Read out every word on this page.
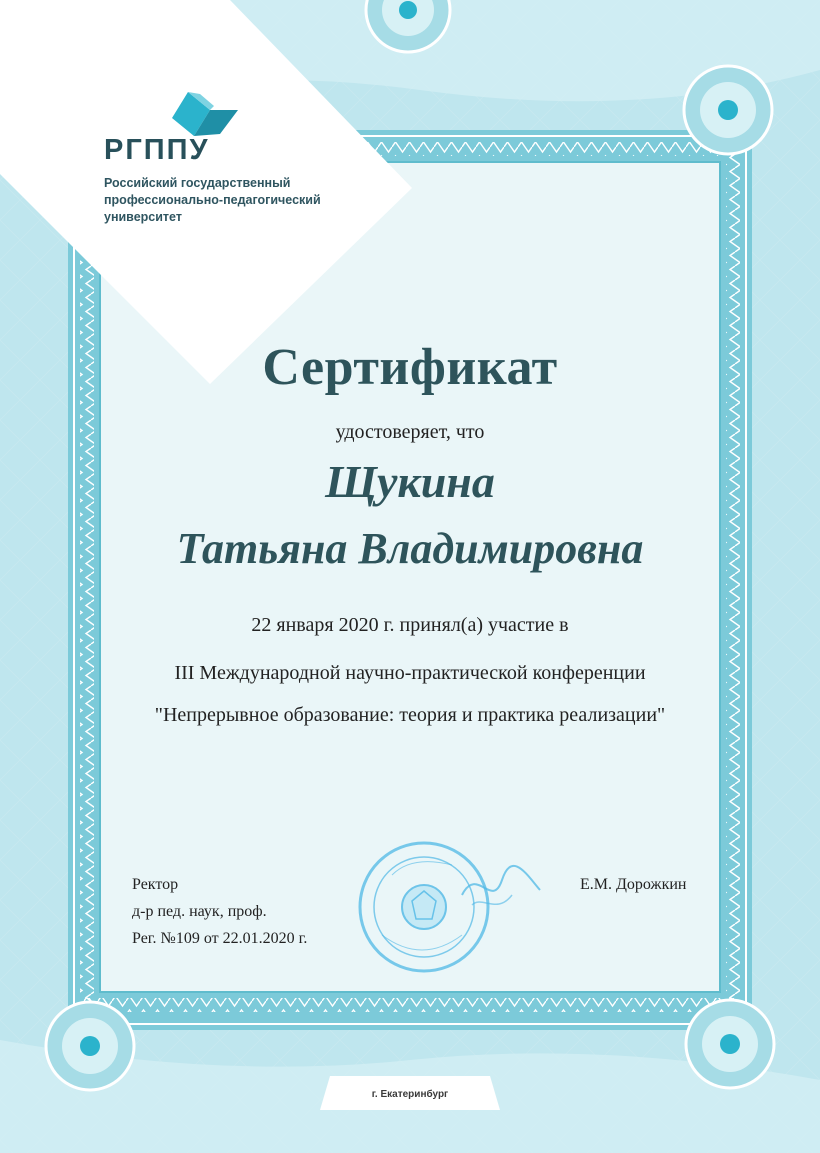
РГППУ
Российский государственный
профессионально-педагогический
университет
Сертификат
удостоверяет, что
Щукина
Татьяна Владимировна
22 января 2020 г. принял(а) участие в
III Международной научно-практической конференции
"Непрерывное образование: теория и практика реализации"
Ректор
д-р пед. наук, проф.
Рег. №109 от 22.01.2020 г.
Е.М. Дорожкин
г. Екатеринбург
